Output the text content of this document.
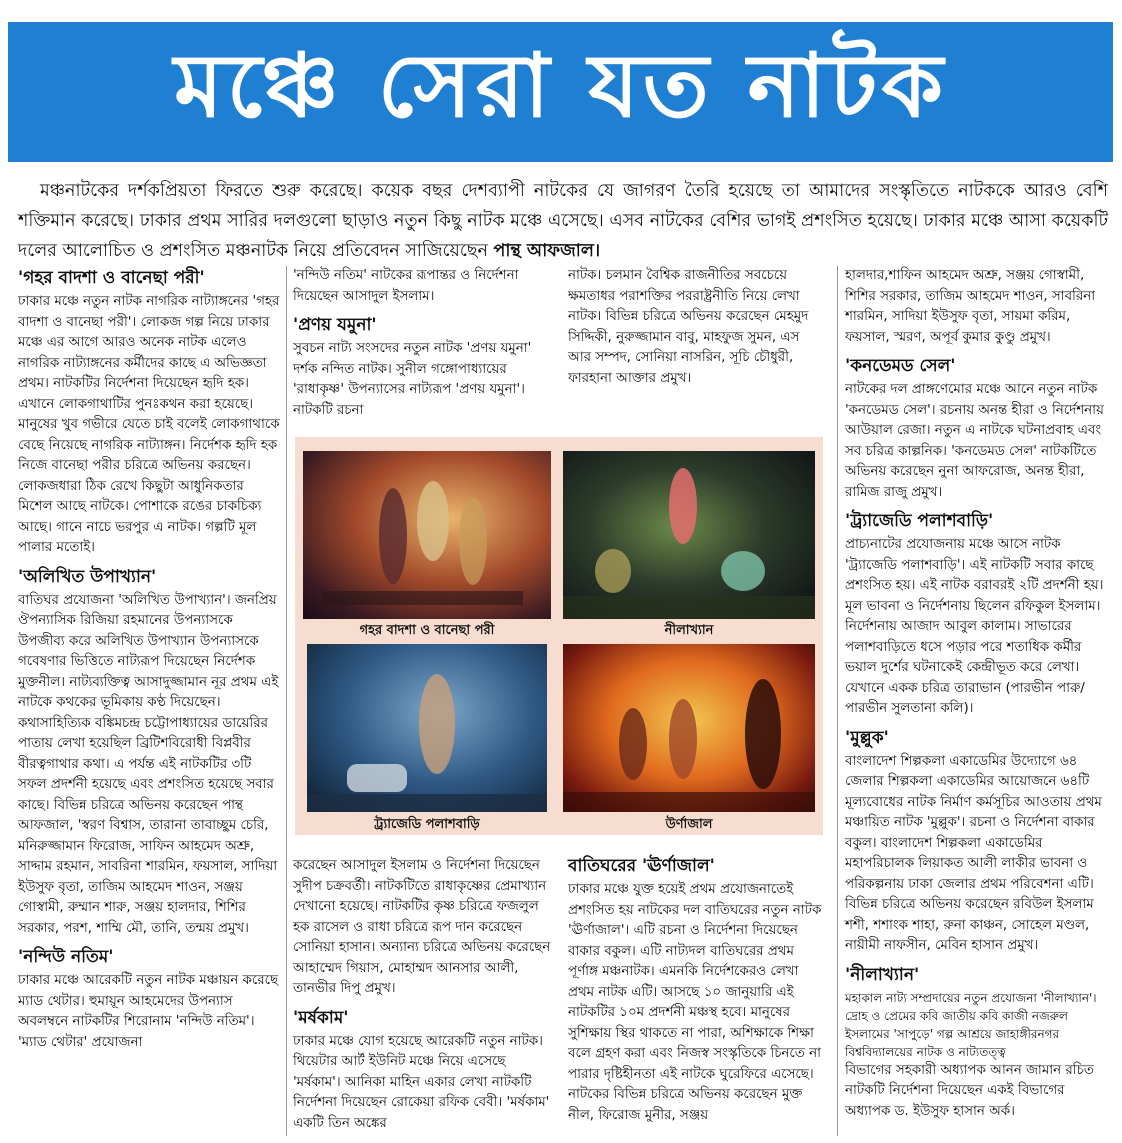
মঞ্চে সেরা যত নাটক
মঞ্চনাটকের দর্শকপ্রিয়তা ফিরতে শুরু করেছে। কয়েক বছর দেশব্যাপী নাটকের যে জাগরণ তৈরি হয়েছে তা আমাদের সংস্কৃতিতে নাটককে আরও বেশি শক্তিমান করেছে। ঢাকার প্রথম সারির দলগুলো ছাড়াও নতুন কিছু নাটক মঞ্চে এসেছে। এসব নাটকের বেশির ভাগই প্রশংসিত হয়েছে। ঢাকার মঞ্চে আসা কয়েকটি দলের আলোচিত ও প্রশংসিত মঞ্চনাটক নিয়ে প্রতিবেদন সাজিয়েছেন পান্থ আফজাল।
'গহর বাদশা ও বানেছা পরী'

ঢাকার মঞ্চে নতুন নাটক নাগরিক নাট্যাঙ্গনের 'গহর বাদশা ও বানেছা পরী'। লোকজ গল্প নিয়ে ঢাকার মঞ্চে এর আগে আরও অনেক নাটক এলেও নাগরিক নাট্যাঙ্গনের কর্মীদের কাছে এ অভিজ্ঞতা প্রথম। নাটকটির নির্দেশনা দিয়েছেন হৃদি হক। এখানে লোকগাথাটির পুনঃকথন করা হয়েছে। মানুষের খুব গভীরে যেতে চাই বলেই লোকগাথাকে বেছে নিয়েছে নাগরিক নাট্যাঙ্গন। নির্দেশক হৃদি হক নিজে বানেছা পরীর চরিত্রে অভিনয় করছেন। লোকজধারা ঠিক রেখে কিছুটা আধুনিকতার মিশেল আছে নাটকে। পোশাকে রঙের চাকচিক্য আছে। গানে নাচে ভরপুর এ নাটক। গল্পটি মূল পালার মতোই।

'অলিখিত উপাখ্যান'

বাতিঘর প্রযোজনা 'অলিখিত উপাখ্যান'। জনপ্রিয় ঔপন্যাসিক রিজিয়া রহমানের উপন্যাসকে উপজীব্য করে অলিখিত উপাখ্যান উপন্যাসকে গবেষণার ভিত্তিতে নাট্যরূপ দিয়েছেন নির্দেশক মুক্তনীল। নাট্যব্যক্তিত্ব আসাদুজ্জামান নূর প্রথম এই নাটকে কথকের ভূমিকায় কণ্ঠ দিয়েছেন। কথাসাহিত্যিক বঙ্কিমচন্দ্র চট্টোপাধ্যায়ের ডায়েরির পাতায় লেখা হয়েছিল ব্রিটিশবিরোধী বিপ্লবীর বীরত্বগাথার কথা। এ পর্যন্ত এই নাটকটির ৩টি সফল প্রদর্শনী হয়েছে এবং প্রশংসিত হয়েছে সবার কাছে। বিভিন্ন চরিত্রে অভিনয় করেছেন পান্থ আফজাল, 'স্বরণ বিশ্বাস, তারানা তাবাচ্ছুম চেরি, মনিরুজ্জামান ফিরোজ, সাফিন আহমেদ অশ্রু, সাদ্দাম রহমান, সাবরিনা শারমিন, ফয়সাল, সাদিয়া ইউসুফ বৃতা, তাজিম আহমেদ শাওন, সঞ্জয় গোস্বামী, রুম্মান শারু, সঞ্জয় হালদার, শিশির সরকার, পরশ, শাম্মি মৌ, তানি, তন্ময় প্রমুখ।

'নন্দিউ নতিম'

ঢাকার মঞ্চে আরেকটি নতুন নাটক মঞ্চায়ন করেছে ম্যাড থেটার। হুমায়ূন আহমেদের উপন্যাস অবলম্বনে নাটকটির শিরোনাম 'নন্দিউ নতিম'। 'ম্যাড থেটার' প্রযোজনা

'নন্দিউ নতিম' নাটকের রূপান্তর ও নির্দেশনা দিয়েছেন আসাদুল ইসলাম।

'প্রণয় যমুনা'

সুবচন নাট্য সংসদের নতুন নাটক 'প্রণয় যমুনা' দর্শক নন্দিত নাটক। সুনীল গঙ্গোপাধ্যায়ের 'রাধাকৃষ্ণ' উপন্যাসের নাট্যরূপ 'প্রণয় যমুনা'। নাটকটি রচনা

নাটক। চলমান বৈশ্বিক রাজনীতির সবচেয়ে ক্ষমতাধর পরাশক্তির পররাষ্ট্রনীতি নিয়ে লেখা নাটক। বিভিন্ন চরিত্রে অভিনয় করেছেন মেহমুদ সিদ্দিকী, নুরুজ্জামান বাবু, মাহফুজ সুমন, এস আর সম্পদ, সোনিয়া নাসরিন, সূচি চৌধুরী, ফারহানা আক্তার প্রমুখ।

গহর বাদশা ও বানেছা পরী	নীলাখ্যান
ট্র্যাজেডি পলাশবাড়ি	উর্ণাজাল

করেছেন আসাদুল ইসলাম ও নির্দেশনা দিয়েছেন সুদীপ চক্রবর্তী। নাটকটিতে রাধাকৃষ্ণের প্রেমাখ্যান দেখানো হয়েছে। নাটকটির কৃষ্ণ চরিত্রে ফজলুল হক রাসেল ও রাধা চরিত্রে রূপ দান করেছেন সোনিয়া হাসান। অন্যান্য চরিত্রে অভিনয় করেছেন আহাম্মেদ গিয়াস, মোহাম্মদ আনসার আলী, তানভীর দিপু প্রমুখ।

'মর্ষকাম'

ঢাকার মঞ্চে যোগ হয়েছে আরেকটি নতুন নাটক। থিয়েটার আর্ট ইউনিট মঞ্চে নিয়ে এসেছে 'মর্ষকাম'। আনিকা মাহিন একার লেখা নাটকটি নির্দেশনা দিয়েছেন রোকেয়া রফিক বেবী। 'মর্ষকাম' একটি তিন অঙ্কের

বাতিঘরের 'ঊর্ণাজাল'

ঢাকার মঞ্চে যুক্ত হয়েই প্রথম প্রযোজনাতেই প্রশংসিত হয় নাটকের দল বাতিঘরের নতুন নাটক 'ঊর্ণাজাল'। এটি রচনা ও নির্দেশনা দিয়েছেন বাকার বকুল। এটি নাট্যদল বাতিঘরের প্রথম পূর্ণাঙ্গ মঞ্চনাটক। এমনকি নির্দেশকেরও লেখা প্রথম নাটক এটি। আসছে ১০ জানুয়ারি এই নাটকটির ১০ম প্রদর্শনী মঞ্চস্থ হবে। মানুষের সুশিক্ষায় স্থির থাকতে না পারা, অশিক্ষাকে শিক্ষা বলে গ্রহণ করা এবং নিজস্ব সংস্কৃতিকে চিনতে না পারার দৃষ্টিহীনতা এই নাটকে ঘুরেফিরে এসেছে। নাটকের বিভিন্ন চরিত্রে অভিনয় করেছেন মুক্ত নীল, ফিরোজ মুনীর, সঞ্জয়

হালদার,শাফিন আহমেদ অশ্রু, সঞ্জয় গোস্বামী, শিশির সরকার, তাজিম আহমেদ শাওন, সাবরিনা শারমিন, সাদিয়া ইউসুফ বৃতা, সায়মা করিম, ফয়সাল, স্মরণ, অপূর্ব কুমার কুণ্ডু প্রমুখ।

'কনডেমড সেল'

নাটকের দল প্রাঙ্গণেমোর মঞ্চে আনে নতুন নাটক 'কনডেমড সেল'। রচনায় অনন্ত হীরা ও নির্দেশনায় আউয়াল রেজা। নতুন এ নাটকে ঘটনাপ্রবাহ এবং সব চরিত্র কাল্পনিক। 'কনডেমড সেল' নাটকটিতে অভিনয় করেছেন নুনা আফরোজ, অনন্ত হীরা, রামিজ রাজু প্রমুখ।

'ট্র্যাজেডি পলাশবাড়ি'

প্রাচ্যনাটের প্রযোজনায় মঞ্চে আসে নাটক 'ট্র্যাজেডি পলাশবাড়ি'। এই নাটকটি সবার কাছে প্রশংসিত হয়। এই নাটক বরাবরই ২টি প্রদর্শনী হয়। মূল ভাবনা ও নির্দেশনায় ছিলেন রফিকুল ইসলাম। নির্দেশনায় আজাদ আবুল কালাম। সাভারের পলাশবাড়িতে ধসে পড়ার পরে শতাধিক কর্মীর ভয়াল দুর্শের ঘটনাকেই কেন্দ্রীভূত করে লেখা। যেখানে একক চরিত্র তারাভান (পারভীন পারু/ পারভীন সুলতানা কলি)।

'মুল্লুক'

বাংলাদেশ শিল্পকলা একাডেমির উদ্যোগে ৬৪ জেলার শিল্পকলা একাডেমির আয়োজনে ৬৪টি মূল্যবোধের নাটক নির্মাণ কর্মসূচির আওতায় প্রথম মঞ্চায়িত নাটক 'মুল্লুক'। রচনা ও নির্দেশনা বাকার বকুল। বাংলাদেশ শিল্পকলা একাডেমির মহাপরিচালক লিয়াকত আলী লাকীর ভাবনা ও পরিকল্পনায় ঢাকা জেলার প্রথম পরিবেশনা এটি। বিভিন্ন চরিত্রে অভিনয় করেছেন রবিউল ইসলাম শশী, শশাংক শাহা, রুনা কাঞ্চন, সোহেল মণ্ডল, নায়ীমী নাফসীন, মেবিন হাসান প্রমুখ।

'নীলাখ্যান'

মহাকাল নাট্য সম্প্রদায়ের নতুন প্রযোজনা 'নীলাখ্যান'। দ্রোহ ও প্রেমের কবি জাতীয় কবি কাজী নজরুল ইসলামের 'সাপুড়ে' গল্প আশ্রয়ে জাহাঙ্গীরনগর বিশ্ববিদ্যালয়ের নাটক ও নাট্যতত্ত্ব

বিভাগের সহকারী অধ্যাপক আনন জামান রচিত নাটকটি নির্দেশনা দিয়েছেন একই বিভাগের অধ্যাপক ড. ইউসুফ হাসান অর্ক।
